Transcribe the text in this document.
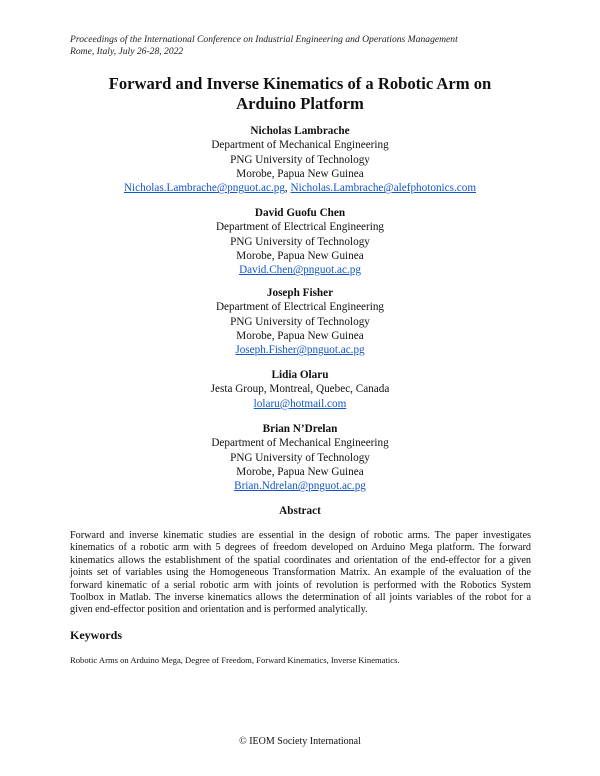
Proceedings of the International Conference on Industrial Engineering and Operations Management
Rome, Italy, July 26-28, 2022
Forward and Inverse Kinematics of a Robotic Arm on
Arduino Platform
Nicholas Lambrache
Department of Mechanical Engineering
PNG University of Technology
Morobe, Papua New Guinea
Nicholas.Lambrache@pnguot.ac.pg, Nicholas.Lambrache@alefphotonics.com
David Guofu Chen
Department of Electrical Engineering
PNG University of Technology
Morobe, Papua New Guinea
David.Chen@pnguot.ac.pg
Joseph Fisher
Department of Electrical Engineering
PNG University of Technology
Morobe, Papua New Guinea
Joseph.Fisher@pnguot.ac.pg
Lidia Olaru
Jesta Group, Montreal, Quebec, Canada
lolaru@hotmail.com
Brian N’Drelan
Department of Mechanical Engineering
PNG University of Technology
Morobe, Papua New Guinea
Brian.Ndrelan@pnguot.ac.pg
Abstract
Forward and inverse kinematic studies are essential in the design of robotic arms. The paper investigates kinematics of a robotic arm with 5 degrees of freedom developed on Arduino Mega platform. The forward kinematics allows the establishment of the spatial coordinates and orientation of the end-effector for a given joints set of variables using the Homogeneous Transformation Matrix. An example of the evaluation of the forward kinematic of a serial robotic arm with joints of revolution is performed with the Robotics System Toolbox in Matlab. The inverse kinematics allows the determination of all joints variables of the robot for a given end-effector position and orientation and is performed analytically.
Keywords
Robotic Arms on Arduino Mega, Degree of Freedom, Forward Kinematics, Inverse Kinematics.
© IEOM Society International
